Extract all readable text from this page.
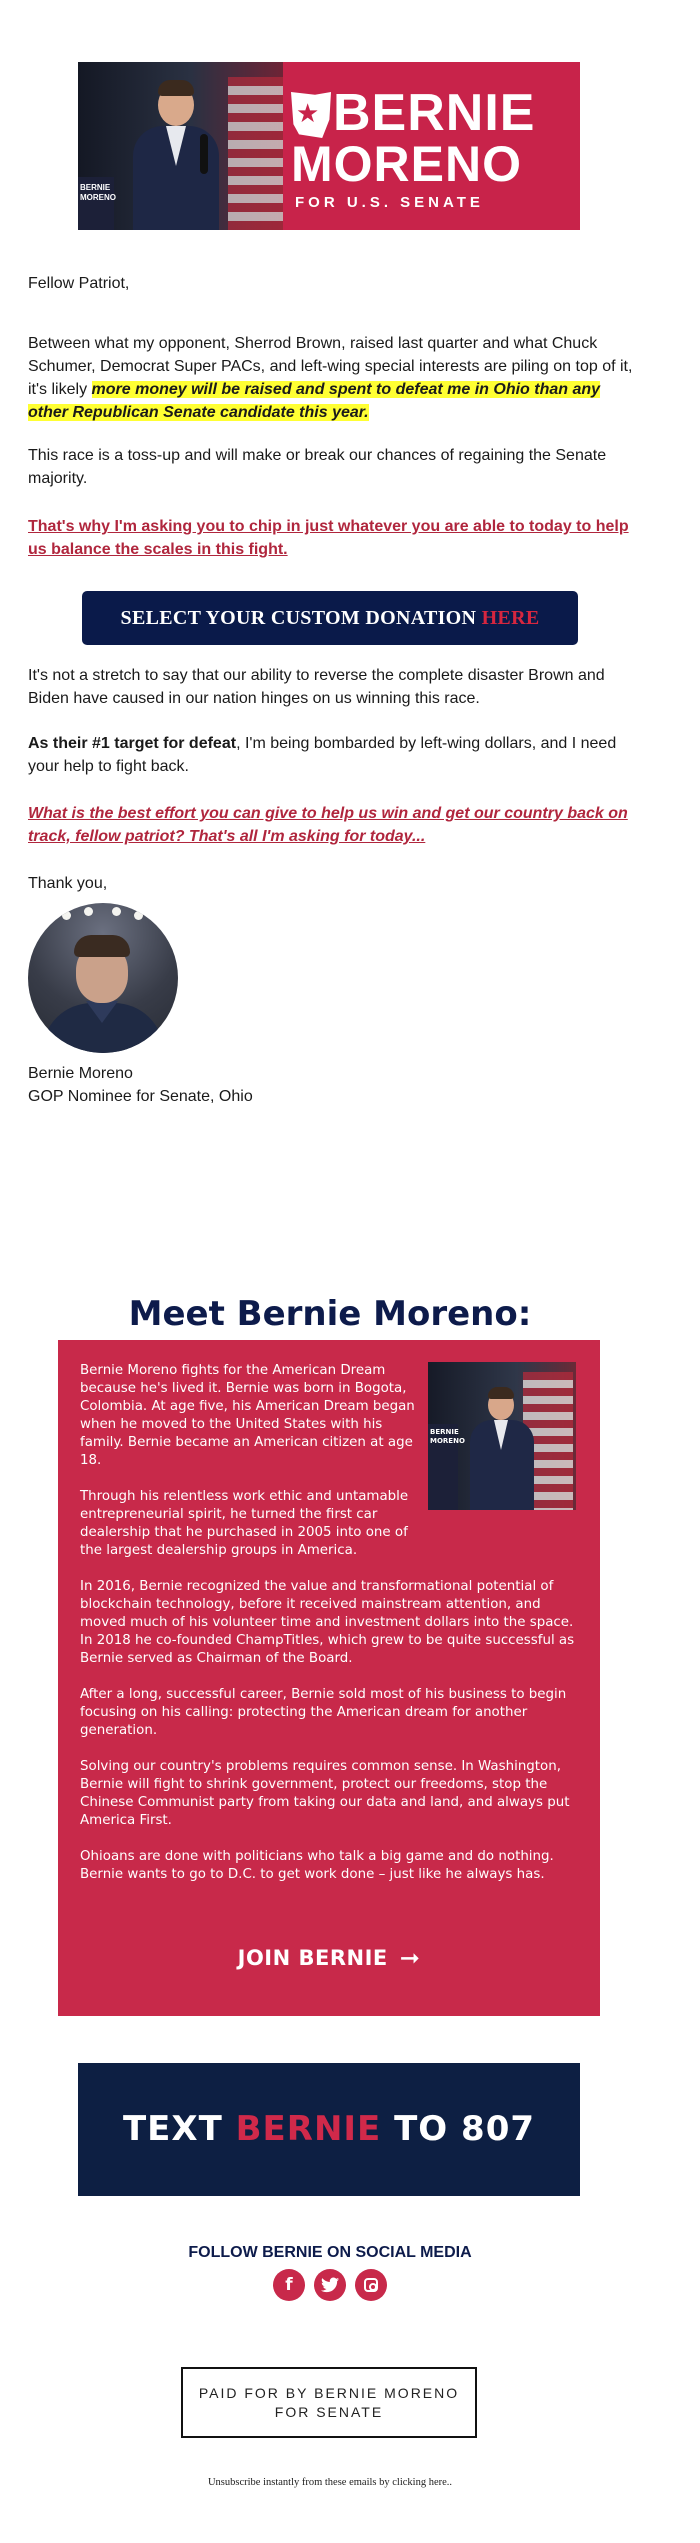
BERNIE MORENO
★ BERNIE
MORENO
FOR U.S. SENATE
Fellow Patriot,
Between what my opponent, Sherrod Brown, raised last quarter and what Chuck Schumer, Democrat Super PACs, and left-wing special interests are piling on top of it, it's likely more money will be raised and spent to defeat me in Ohio than any other Republican Senate candidate this year.
This race is a toss-up and will make or break our chances of regaining the Senate majority.
That's why I'm asking you to chip in just whatever you are able to today to help us balance the scales in this fight.
SELECT YOUR CUSTOM DONATION HERE
It's not a stretch to say that our ability to reverse the complete disaster Brown and Biden have caused in our nation hinges on us winning this race.
As their #1 target for defeat, I'm being bombarded by left-wing dollars, and I need your help to fight back.
What is the best effort you can give to help us win and get our country back on track, fellow patriot? That's all I'm asking for today...
Thank you,
Bernie Moreno
GOP Nominee for Senate, Ohio
Meet Bernie Moreno:
BERNIE MORENO
Bernie Moreno fights for the American Dream because he's lived it. Bernie was born in Bogota, Colombia. At age five, his American Dream began when he moved to the United States with his family. Bernie became an American citizen at age 18.
Through his relentless work ethic and untamable entrepreneurial spirit, he turned the first car dealership that he purchased in 2005 into one of the largest dealership groups in America.
In 2016, Bernie recognized the value and transformational potential of blockchain technology, before it received mainstream attention, and moved much of his volunteer time and investment dollars into the space. In 2018 he co-founded ChampTitles, which grew to be quite successful as Bernie served as Chairman of the Board.
After a long, successful career, Bernie sold most of his business to begin focusing on his calling: protecting the American dream for another generation.
Solving our country's problems requires common sense. In Washington, Bernie will fight to shrink government, protect our freedoms, stop the Chinese Communist party from taking our data and land, and always put America First.
Ohioans are done with politicians who talk a big game and do nothing. Bernie wants to go to D.C. to get work done – just like he always has.
JOIN BERNIE ➞
TEXT BERNIE TO 807
FOLLOW BERNIE ON SOCIAL MEDIA
f
PAID FOR BY BERNIE MORENO FOR SENATE
Unsubscribe instantly from these emails by clicking here..
